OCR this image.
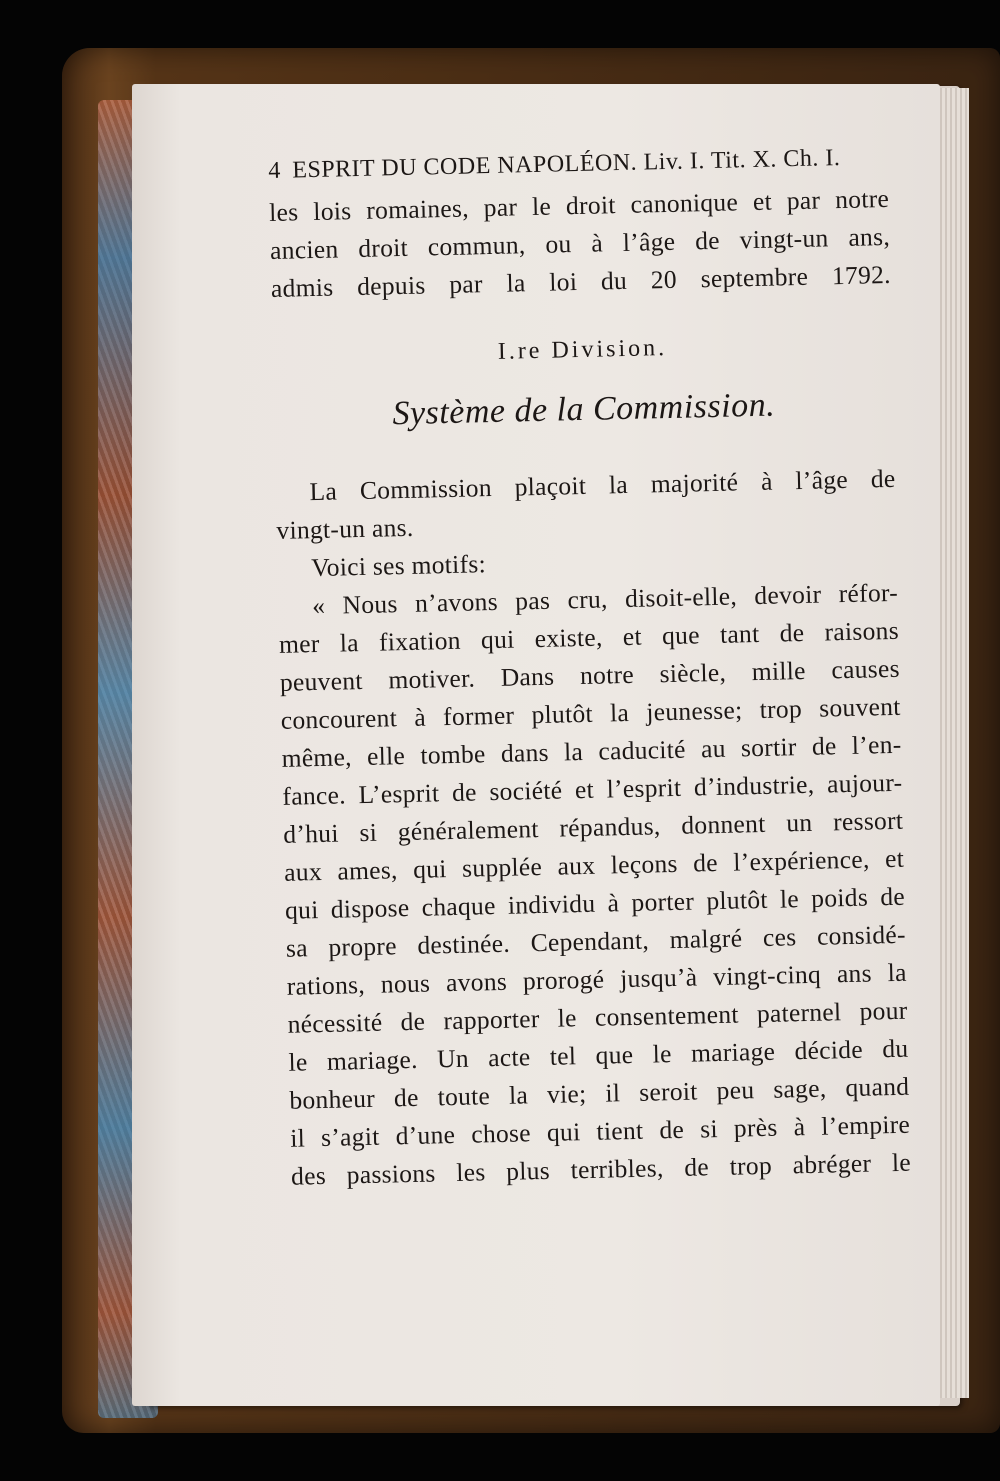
4 ESPRIT DU CODE NAPOLÉON. Liv. I. Tit. X. Ch. I.
les lois romaines, par le droit canonique et par notre
ancien droit commun, ou à l’âge de vingt-un ans,
admis depuis par la loi du 20 septembre 1792.
I.re Division.
Système de la Commission.
La Commission plaçoit la majorité à l’âge de
vingt-un ans.
Voici ses motifs:
« Nous n’avons pas cru, disoit-elle, devoir réfor-
mer la fixation qui existe, et que tant de raisons
peuvent motiver. Dans notre siècle, mille causes
concourent à former plutôt la jeunesse; trop souvent
même, elle tombe dans la caducité au sortir de l’en-
fance. L’esprit de société et l’esprit d’industrie, aujour-
d’hui si généralement répandus, donnent un ressort
aux ames, qui supplée aux leçons de l’expérience, et
qui dispose chaque individu à porter plutôt le poids de
sa propre destinée. Cependant, malgré ces considé-
rations, nous avons prorogé jusqu’à vingt-cinq ans la
nécessité de rapporter le consentement paternel pour
le mariage. Un acte tel que le mariage décide du
bonheur de toute la vie; il seroit peu sage, quand
il s’agit d’une chose qui tient de si près à l’empire
des passions les plus terribles, de trop abréger le
